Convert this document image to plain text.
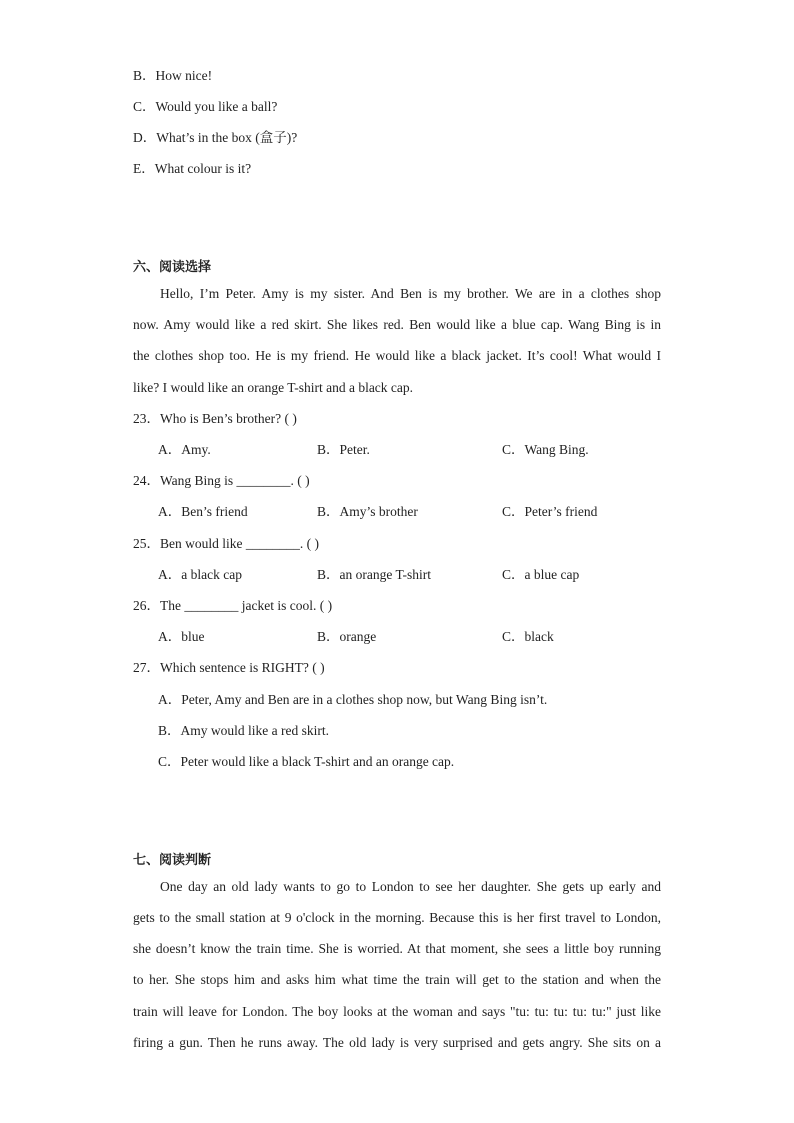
B．How nice!
C．Would you like a ball?
D．What’s in the box (盒子)?
E．What colour is it?
六、阅读选择
Hello, I’m Peter. Amy is my sister. And Ben is my brother. We are in a clothes shop
now. Amy would like a red skirt. She likes red. Ben would like a blue cap. Wang Bing is in
the clothes shop too. He is my friend. He would like a black jacket. It’s cool! What would I
like? I would like an orange T-shirt and a black cap.
23．Who is Ben’s brother? ( )
A．Amy.	B．Peter.	C．Wang Bing.
24．Wang Bing is ________. ( )
A．Ben’s friend	B．Amy’s brother	C．Peter’s friend
25．Ben would like ________. ( )
A．a black cap	B．an orange T-shirt	C．a blue cap
26．The ________ jacket is cool. ( )
A．blue	B．orange	C．black
27．Which sentence is RIGHT? ( )
A．Peter, Amy and Ben are in a clothes shop now, but Wang Bing isn’t.
B．Amy would like a red skirt.
C．Peter would like a black T-shirt and an orange cap.
七、阅读判断
One day an old lady wants to go to London to see her daughter. She gets up early and
gets to the small station at 9 o'clock in the morning. Because this is her first travel to London,
she doesn’t know the train time. She is worried. At that moment, she sees a little boy running
to her. She stops him and asks him what time the train will get to the station and when the
train will leave for London. The boy looks at the woman and says "tu: tu: tu: tu: tu:" just like
firing a gun. Then he runs away. The old lady is very surprised and gets angry. She sits on a
